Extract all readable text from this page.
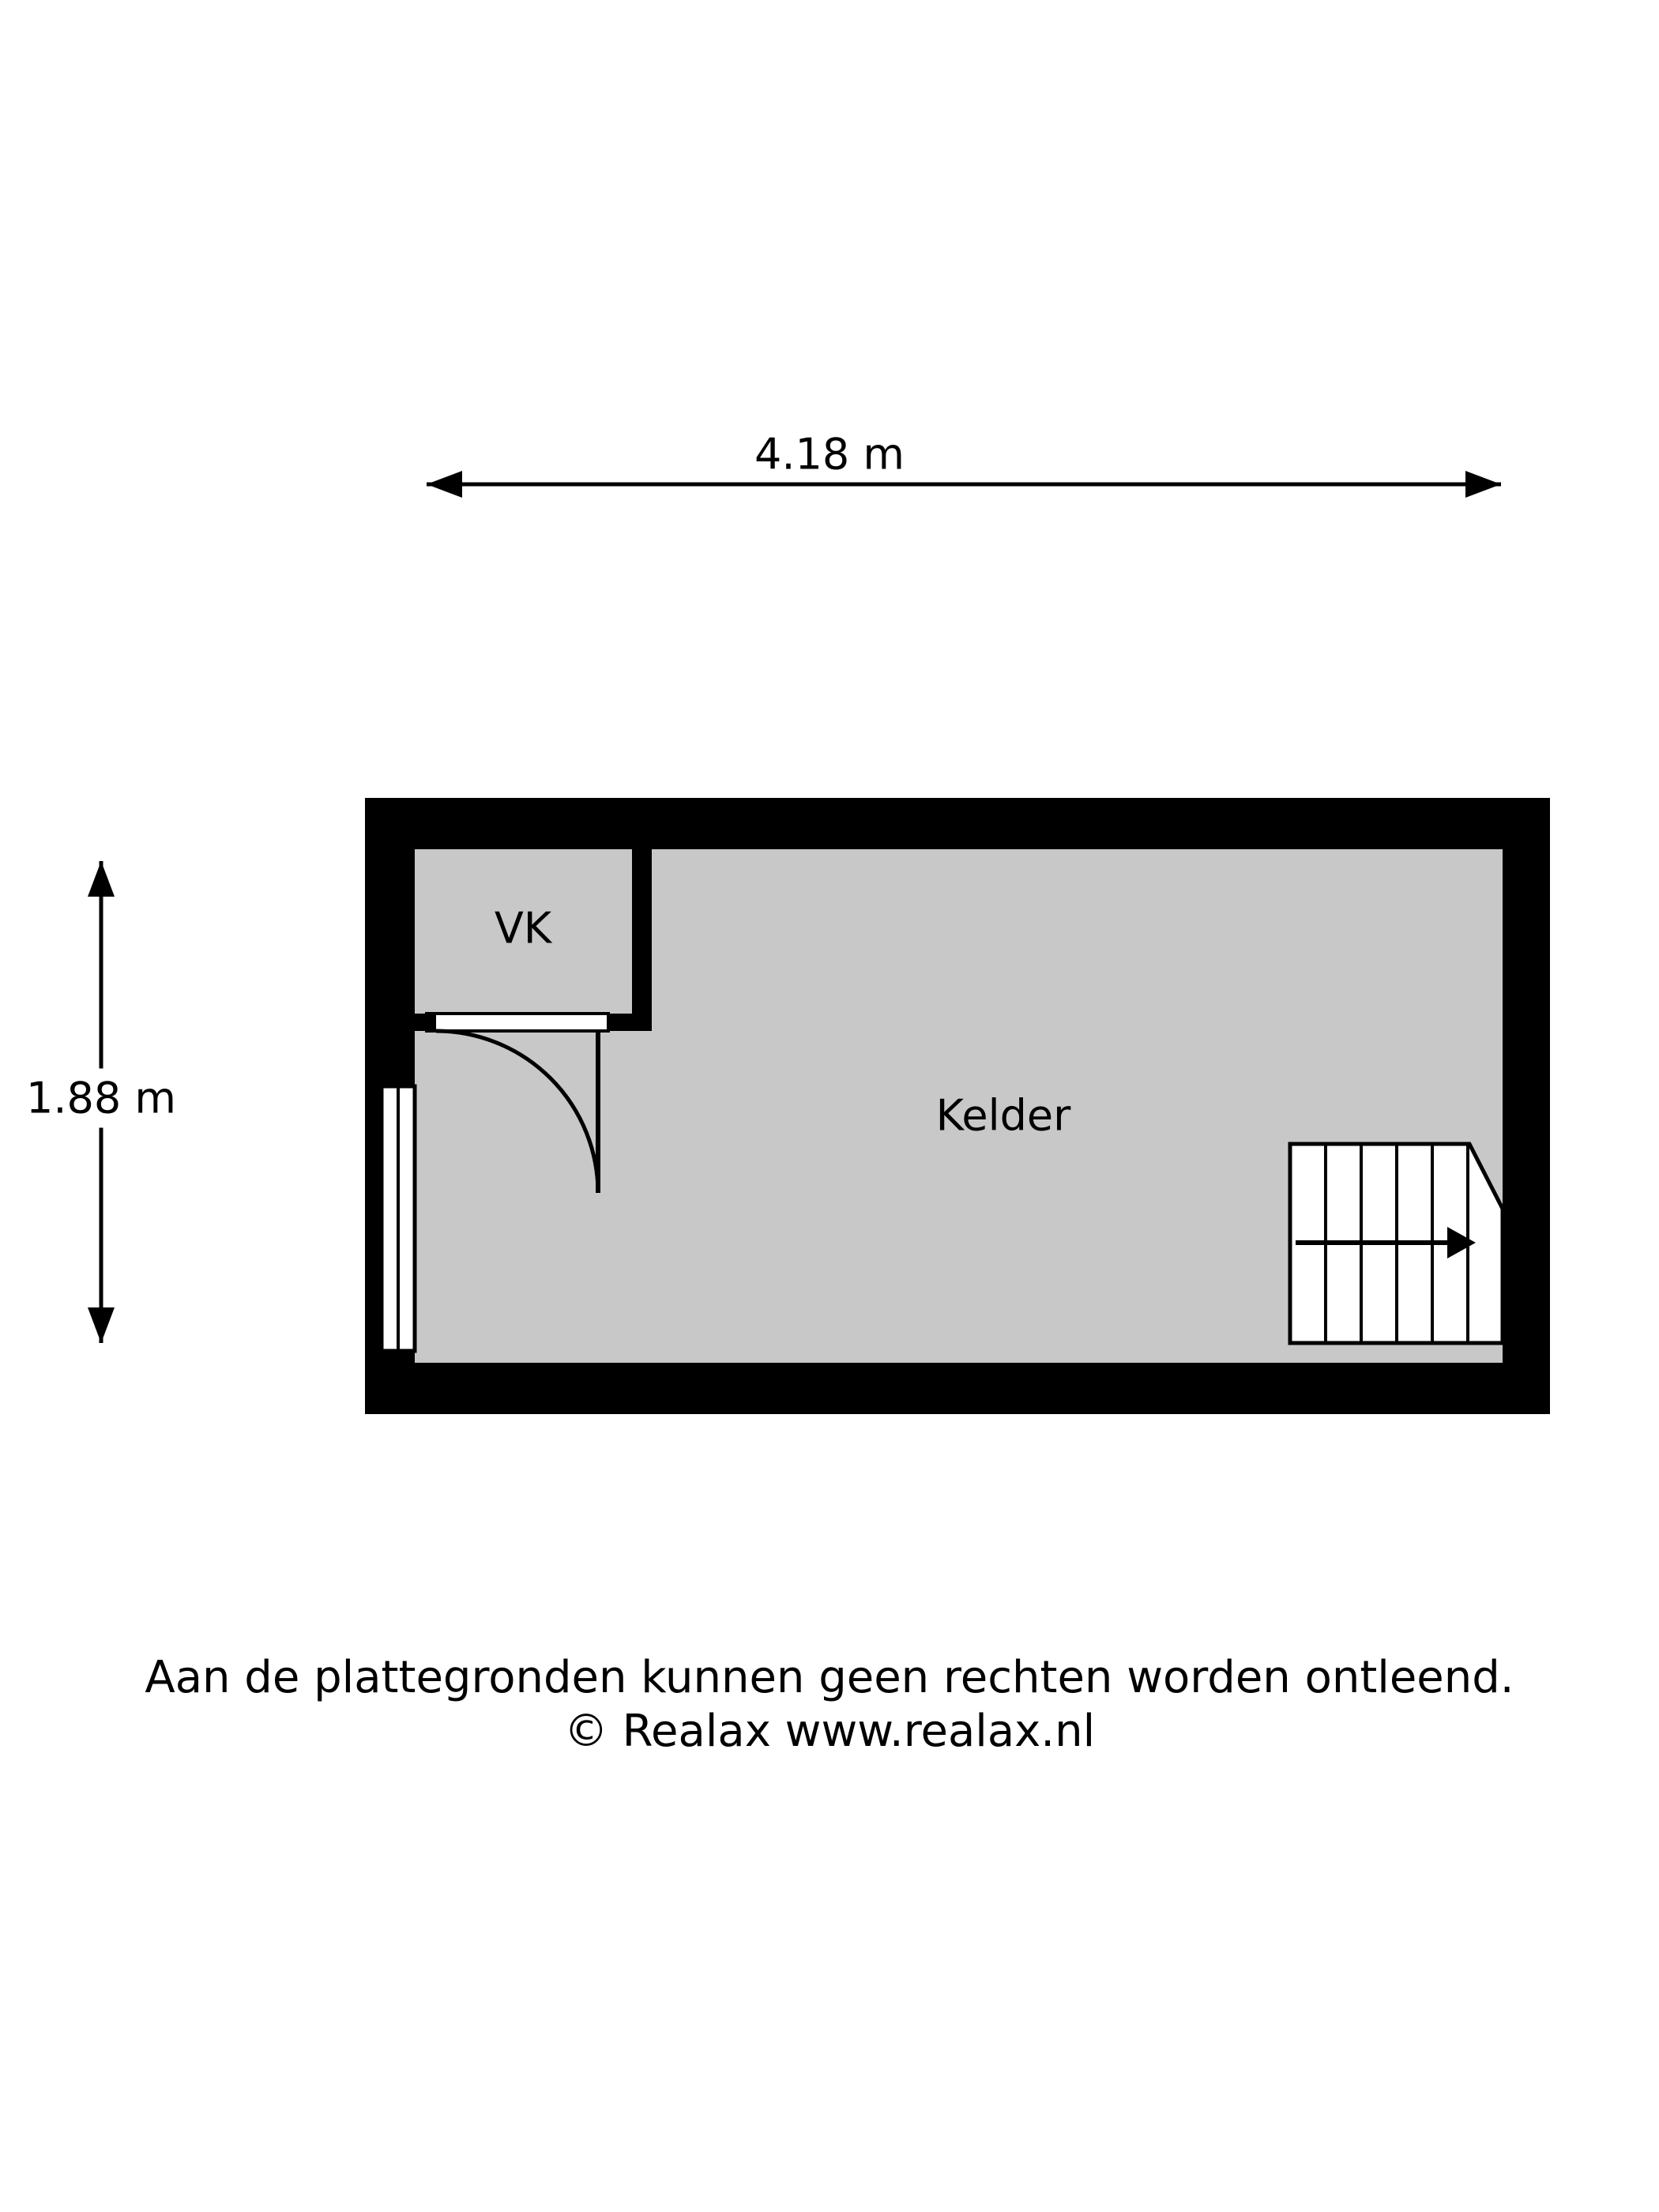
4.18 m
1.88 m
VK
Kelder
Aan de plattegronden kunnen geen rechten worden ontleend.
© Realax www.realax.nl
